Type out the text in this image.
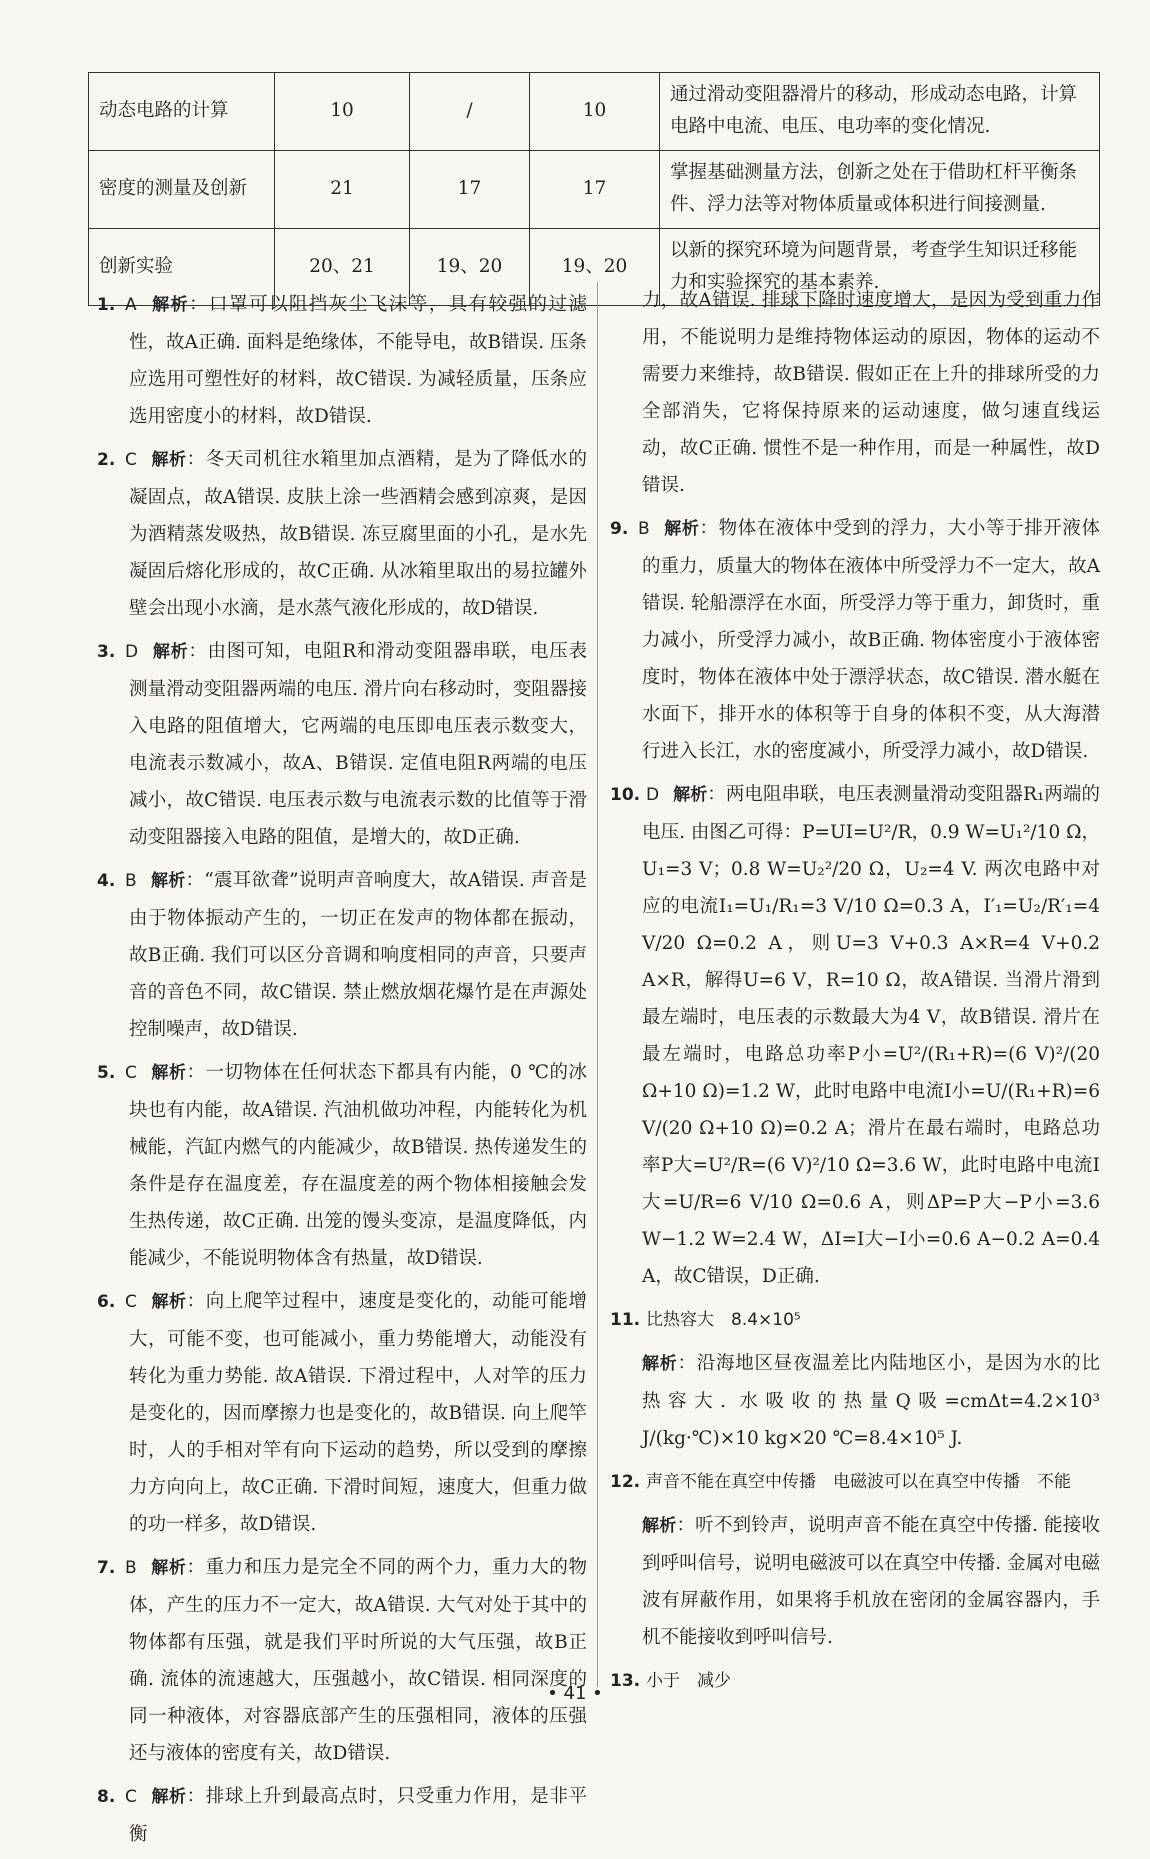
动态电路的计算	10	/	10	通过滑动变阻器滑片的移动，形成动态电路，计算电路中电流、电压、电功率的变化情况.
密度的测量及创新	21	17	17	掌握基础测量方法，创新之处在于借助杠杆平衡条件、浮力法等对物体质量或体积进行间接测量.
创新实验	20、21	19、20	19、20	以新的探究环境为问题背景，考查学生知识迁移能力和实验探究的基本素养.

1. A 解析：口罩可以阻挡灰尘飞沫等，具有较强的过滤性，故A正确. 面料是绝缘体，不能导电，故B错误. 压条应选用可塑性好的材料，故C错误. 为减轻质量，压条应选用密度小的材料，故D错误.

2. C 解析：冬天司机往水箱里加点酒精，是为了降低水的凝固点，故A错误. 皮肤上涂一些酒精会感到凉爽，是因为酒精蒸发吸热，故B错误. 冻豆腐里面的小孔，是水先凝固后熔化形成的，故C正确. 从冰箱里取出的易拉罐外壁会出现小水滴，是水蒸气液化形成的，故D错误.

3. D 解析：由图可知，电阻R和滑动变阻器串联，电压表测量滑动变阻器两端的电压. 滑片向右移动时，变阻器接入电路的阻值增大，它两端的电压即电压表示数变大，电流表示数减小，故A、B错误. 定值电阻R两端的电压减小，故C错误. 电压表示数与电流表示数的比值等于滑动变阻器接入电路的阻值，是增大的，故D正确.

4. B 解析：“震耳欲聋”说明声音响度大，故A错误. 声音是由于物体振动产生的，一切正在发声的物体都在振动，故B正确. 我们可以区分音调和响度相同的声音，只要声音的音色不同，故C错误. 禁止燃放烟花爆竹是在声源处控制噪声，故D错误.

5. C 解析：一切物体在任何状态下都具有内能，0 ℃的冰块也有内能，故A错误. 汽油机做功冲程，内能转化为机械能，汽缸内燃气的内能减少，故B错误. 热传递发生的条件是存在温度差，存在温度差的两个物体相接触会发生热传递，故C正确. 出笼的馒头变凉，是温度降低，内能减少，不能说明物体含有热量，故D错误.

6. C 解析：向上爬竿过程中，速度是变化的，动能可能增大，可能不变，也可能减小，重力势能增大，动能没有转化为重力势能. 故A错误. 下滑过程中，人对竿的压力是变化的，因而摩擦力也是变化的，故B错误. 向上爬竿时，人的手相对竿有向下运动的趋势，所以受到的摩擦力方向向上，故C正确. 下滑时间短，速度大，但重力做的功一样多，故D错误.

7. B 解析：重力和压力是完全不同的两个力，重力大的物体，产生的压力不一定大，故A错误. 大气对处于其中的物体都有压强，就是我们平时所说的大气压强，故B正确. 流体的流速越大，压强越小，故C错误. 相同深度的同一种液体，对容器底部产生的压强相同，液体的压强还与液体的密度有关，故D错误.

8. C 解析：排球上升到最高点时，只受重力作用，是非平衡

力，故A错误. 排球下降时速度增大，是因为受到重力作用，不能说明力是维持物体运动的原因，物体的运动不需要力来维持，故B错误. 假如正在上升的排球所受的力全部消失，它将保持原来的运动速度，做匀速直线运动，故C正确. 惯性不是一种作用，而是一种属性，故D错误.

9. B 解析：物体在液体中受到的浮力，大小等于排开液体的重力，质量大的物体在液体中所受浮力不一定大，故A错误. 轮船漂浮在水面，所受浮力等于重力，卸货时，重力减小，所受浮力减小，故B正确. 物体密度小于液体密度时，物体在液体中处于漂浮状态，故C错误. 潜水艇在水面下，排开水的体积等于自身的体积不变，从大海潜行进入长江，水的密度减小，所受浮力减小，故D错误.

10. D 解析：两电阻串联，电压表测量滑动变阻器R₁两端的电压. 由图乙可得：P=UI=U²/R，0.9 W=U₁²/10 Ω，U₁=3 V；0.8 W=U₂²/20 Ω，U₂=4 V. 两次电路中对应的电流I₁=U₁/R₁=3 V/10 Ω=0.3 A，I′₁=U₂/R′₁=4 V/20 Ω=0.2 A，则U=3 V+0.3 A×R=4 V+0.2 A×R，解得U=6 V，R=10 Ω，故A错误. 当滑片滑到最左端时，电压表的示数最大为4 V，故B错误. 滑片在最左端时，电路总功率P小=U²/(R₁+R)=(6 V)²/(20 Ω+10 Ω)=1.2 W，此时电路中电流I小=U/(R₁+R)=6 V/(20 Ω+10 Ω)=0.2 A；滑片在最右端时，电路总功率P大=U²/R=(6 V)²/10 Ω=3.6 W，此时电路中电流I大=U/R=6 V/10 Ω=0.6 A，则ΔP=P大−P小=3.6 W−1.2 W=2.4 W，ΔI=I大−I小=0.6 A−0.2 A=0.4 A，故C错误，D正确.

11. 比热容大　8.4×10⁵

解析：沿海地区昼夜温差比内陆地区小，是因为水的比热容大. 水吸收的热量Q吸=cmΔt=4.2×10³ J/(kg·℃)×10 kg×20 ℃=8.4×10⁵ J.

12. 声音不能在真空中传播　电磁波可以在真空中传播　不能

解析：听不到铃声，说明声音不能在真空中传播. 能接收到呼叫信号，说明电磁波可以在真空中传播. 金属对电磁波有屏蔽作用，如果将手机放在密闭的金属容器内，手机不能接收到呼叫信号.

13. 小于　减少

• 41 •
